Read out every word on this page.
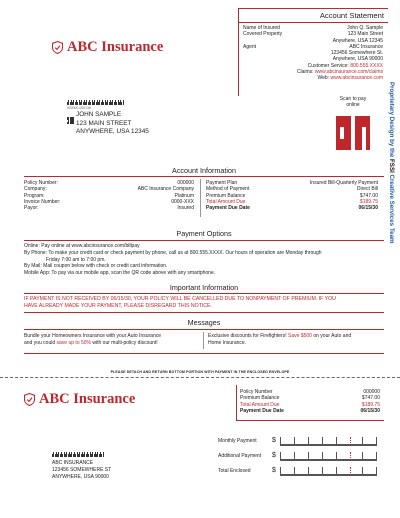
ABC Insurance
Account Statement
Name of Insured	John Q. Sample
Covered Property	123 Main Street
Anywhere, USA 12345
Agent	ABC Insurance
123456 Somewhere St.
Anywhere, USA 90000
Customer Service: 800.555.XXXX
Claims: www.abcinsurance.com/claims
Web: www.abcinsurance.com
Proprietary Design by the FSSI Creative Services Team
000000-000136
JOHN SAMPLE
123 MAIN STREET
ANYWHERE, USA 12345
Scan to pay online
Account Information
Policy Number:	000000
Company:	ABC Insurance Company
Program:	Platinum
Invoice Number:	0000-XXX
Payor:	Insured
Payment Plan	Insured Bill-Quarterly Payment
Method of Payment	Direct Bill
Premium Balance	$747.00
Total Amount Due	$189.75
Payment Due Date	06/15/30
Payment Options
Online: Pay online at www.abcinsurance.com/billpay
By Phone: To make your credit card or check payment by phone, call us at 800.555.XXXX. Our hours of operation are Monday through
Friday 7:00 am to 7:00 pm.
By Mail: Mail coupon below with check or credit card information.
Mobile App: To pay via our mobile app, scan the QR code above with any smartphone.
Important Information
IF PAYMENT IS NOT RECEIVED BY 06/15/30, YOUR POLICY WILL BE CANCELLED DUE TO NONPAYMENT OF PREMIUM. IF YOU
HAVE ALREADY MADE YOUR PAYMENT, PLEASE DISREGARD THIS NOTICE.
Messages
Bundle your Homeowners Insurance with your Auto Insurance
and you could save up to 50% with our multi-policy discount!
Exclusive discounts for Firefighters! Save $500 on your Auto and
Home Insurance.
PLEASE DETACH AND RETURN BOTTOM PORTION WITH PAYMENT IN THE ENCLOSED ENVELOPE
ABC Insurance	Policy Number	000000
Premium Balance	$747.00
Total Amount Due	$189.75
Payment Due Date	06/15/30
Monthly Payment	$
Additional Payment	$
Total Enclosed	$
ABC INSURANCE
123456 SOMEWHERE ST
ANYWHERE, USA 90000
